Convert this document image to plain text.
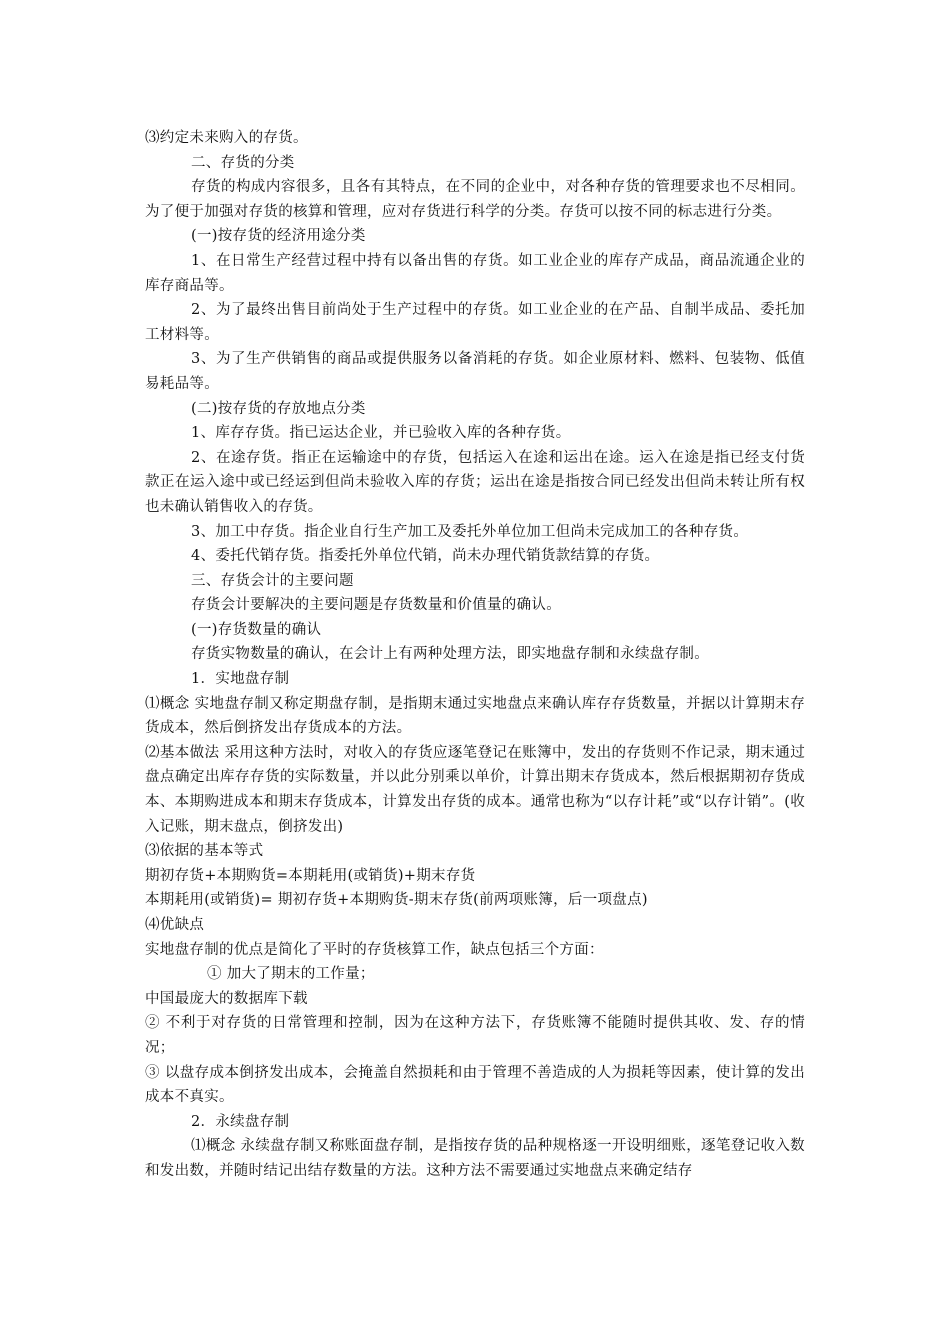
⑶约定未来购入的存货。

二、存货的分类

存货的构成内容很多，且各有其特点，在不同的企业中，对各种存货的管理要求也不尽相同。为了便于加强对存货的核算和管理，应对存货进行科学的分类。存货可以按不同的标志进行分类。

(一)按存货的经济用途分类

1、在日常生产经营过程中持有以备出售的存货。如工业企业的库存产成品，商品流通企业的库存商品等。

2、为了最终出售目前尚处于生产过程中的存货。如工业企业的在产品、自制半成品、委托加工材料等。

3、为了生产供销售的商品或提供服务以备消耗的存货。如企业原材料、燃料、包装物、低值易耗品等。

(二)按存货的存放地点分类

1、库存存货。指已运达企业，并已验收入库的各种存货。

2、在途存货。指正在运输途中的存货，包括运入在途和运出在途。运入在途是指已经支付货款正在运入途中或已经运到但尚未验收入库的存货；运出在途是指按合同已经发出但尚未转让所有权也未确认销售收入的存货。

3、加工中存货。指企业自行生产加工及委托外单位加工但尚未完成加工的各种存货。

4、委托代销存货。指委托外单位代销，尚未办理代销货款结算的存货。

三、存货会计的主要问题

存货会计要解决的主要问题是存货数量和价值量的确认。

(一)存货数量的确认

存货实物数量的确认，在会计上有两种处理方法，即实地盘存制和永续盘存制。

1．实地盘存制

⑴概念 实地盘存制又称定期盘存制，是指期末通过实地盘点来确认库存存货数量，并据以计算期末存货成本，然后倒挤发出存货成本的方法。

⑵基本做法 采用这种方法时，对收入的存货应逐笔登记在账簿中，发出的存货则不作记录，期末通过盘点确定出库存存货的实际数量，并以此分别乘以单价，计算出期末存货成本，然后根据期初存货成本、本期购进成本和期末存货成本，计算发出存货的成本。通常也称为“以存计耗”或“以存计销”。(收入记账，期末盘点，倒挤发出)

⑶依据的基本等式

期初存货+本期购货=本期耗用(或销货)+期末存货

本期耗用(或销货)= 期初存货+本期购货-期末存货(前两项账簿，后一项盘点)

⑷优缺点

实地盘存制的优点是简化了平时的存货核算工作，缺点包括三个方面：

① 加大了期末的工作量；

中国最庞大的数据库下载

② 不利于对存货的日常管理和控制，因为在这种方法下，存货账簿不能随时提供其收、发、存的情况；

③ 以盘存成本倒挤发出成本，会掩盖自然损耗和由于管理不善造成的人为损耗等因素，使计算的发出成本不真实。

2．永续盘存制

⑴概念 永续盘存制又称账面盘存制，是指按存货的品种规格逐一开设明细账，逐笔登记收入数和发出数，并随时结记出结存数量的方法。这种方法不需要通过实地盘点来确定结存
